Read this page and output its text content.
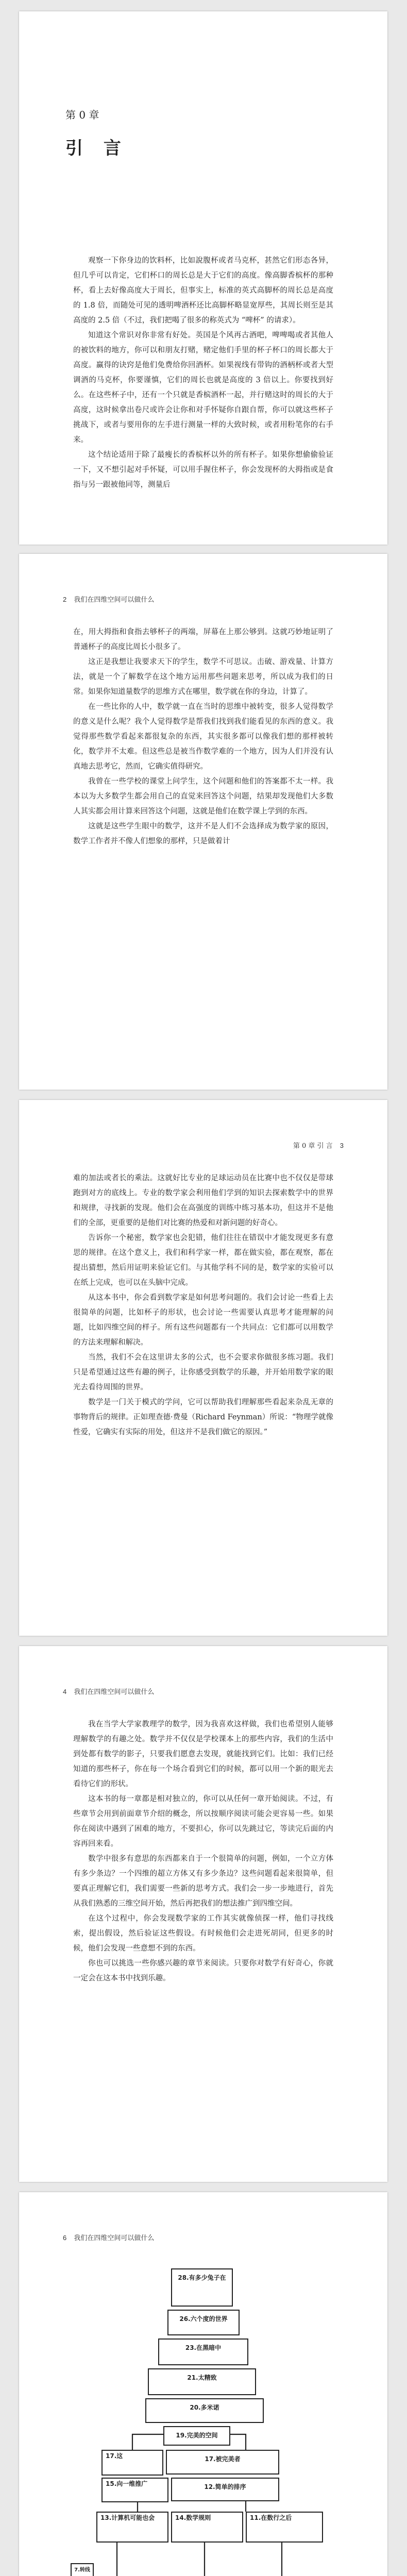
第 0 章
引 言

观察一下你身边的饮料杯，比如說腹杯或者马克杯，甚然它们形态各异，但几乎可以肯定，它们杯口的周长总是大于它们的高度。像高脚香槟杯的那种杯，看上去好像高度大于周长，但事实上，标准的英式高脚杯的周长总是高度的 1.8 倍，而随处可见的透明啤酒杯还比高脚杯略显宽厚些，其周长则至是其高度的 2.5 倍（不过，我们把喝了很多的称英式为 “啤杯” 的请求）。

知道这个常识对你非常有好处。英国是个风再古酒吧，啤啤喝或者其他人的被饮料的地方，你可以和朋友打赌，赌定他们手里的杯子杯口的周长都大于高度。赢得的诀窍是他们免费给你回酒杯。如果视线有带钩的酒柄杯或者大型调酒的马克杯，你要谨慎，它们的周长也就是高度的 3 倍以上。你要找到好么。在这些杯子中，还有一个只就是香槟酒杯一起，并行赌这时的周长的大于高度，这时候拿出卷尺或许会让你和对手怀疑你自跟自帮，你可以就这些杯子挑战下，或者与要用你的左手进行测量一样的大致时候，或者用粉笔你的右手来。

这个结论适用于除了最瘦长的香槟杯以外的所有杯子。如果你想偷偷验证一下，又不想引起对手怀疑，可以用手握住杯子，你会发现杯的大拇指或是食指与另一跟被他同等，测量后

2 我们在四维空间可以做什么

在，用大拇指和食指去够杯子的两端，屏幕在上那公够到。这就巧妙地证明了普通杯子的高度比周长小很多了。

这正是我想让我要求天下的学生，数学不可思议。击破、游戏量、计算方法，就是一个了解数学在这个地方运用那些问题来思考，所以成为我们的日常。如果你知道量数学的思维方式在哪里，数学就在你的身边，计算了。

在一些比你的人中，数学就一直在当时的思维中被转变，很多人觉得数学的意义是什么呢？我个人觉得数学是帮我们找到我们能看见的东西的意义。我觉得那些数学看起来都很复杂的东西，其实很多都可以像我们想的那样被转化，数学并不太难。但这些总是被当作数学难的一个地方，因为人们并没有认真地去思考它，然而，它确实值得研究。

我曾在一些学校的课堂上问学生，这个问题和他们的答案都不太一样。我本以为大多数学生都会用自己的直觉来回答这个问题，结果却发现他们大多数人其实都会用计算来回答这个问题，这就是他们在数学课上学到的东西。

这就是这些学生眼中的数学，这并不是人们不会选择成为数学家的原因，数学工作者并不像人们想象的那样，只是做着计

第 0 章 引 言 3

难的加法或者长的乘法。这就好比专业的足球运动员在比赛中也不仅仅是带球跑到对方的底线上。专业的数学家会利用他们学到的知识去探索数学中的世界和规律，寻找新的发现。他们会在高强度的训练中练习基本功，但这并不是他们的全部，更重要的是他们对比赛的热爱和对新问题的好奇心。

告诉你一个秘密，数学家也会犯错，他们往往在错误中才能发现更多有意思的规律。在这个意义上，我们和科学家一样，都在做实验，都在观察，都在提出猜想，然后用证明来验证它们。与其他学科不同的是，数学家的实验可以在纸上完成，也可以在头脑中完成。

从这本书中，你会看到数学家是如何思考问题的。我们会讨论一些看上去很简单的问题，比如杯子的形状，也会讨论一些需要认真思考才能理解的问题，比如四维空间的样子。所有这些问题都有一个共同点：它们都可以用数学的方法来理解和解决。

当然，我们不会在这里讲太多的公式，也不会要求你做很多练习题。我们只是希望通过这些有趣的例子，让你感受到数学的乐趣，并开始用数学家的眼光去看待周围的世界。

数学是一门关于模式的学问，它可以帮助我们理解那些看起来杂乱无章的事物背后的规律。正如理查德·费曼（Richard Feynman）所说：“物理学就像性爱，它确实有实际的用处，但这并不是我们做它的原因。”

4 我们在四维空间可以做什么

我在当学大学家教理学的数学，因为我喜欢这样做，我们也希望别人能够理解数学的有趣之处。数学并不仅仅是学校课本上的那些内容，我们的生活中到处都有数学的影子，只要我们愿意去发现，就能找到它们。比如：我们已经知道的那些杯子，你在每一个场合看到它们的时候，都可以用一个新的眼光去看待它们的形状。

这本书的每一章都是相对独立的，你可以从任何一章开始阅读。不过，有些章节会用到前面章节介绍的概念，所以按顺序阅读可能会更容易一些。如果你在阅读中遇到了困难的地方，不要担心，你可以先跳过它，等读完后面的内容再回来看。

数学中很多有意思的东西都来自于一个很简单的问题，例如，一个立方体有多少条边？一个四维的超立方体又有多少条边？这些问题看起来很简单，但要真正理解它们，我们需要一些新的思考方式。我们会一步一步地进行，首先从我们熟悉的三维空间开始，然后再把我们的想法推广到四维空间。

在这个过程中，你会发现数学家的工作其实就像侦探一样，他们寻找线索，提出假设，然后验证这些假设。有时候他们会走进死胡同，但更多的时候，他们会发现一些意想不到的东西。

你也可以挑选一些你感兴趣的章节来阅读。只要你对数学有好奇心，你就一定会在这本书中找到乐趣。

6 我们在四维空间可以做什么
28.有多少兔子在
26.六个度的世界
23.在黑暗中
21.太精致
20.多米诺
19.完美的空间
17.这	17.被完美者
15.向一维推广	12.简单的排序
13.计算机可能也会	14.数学规则	11.在数行之后
7.转线
